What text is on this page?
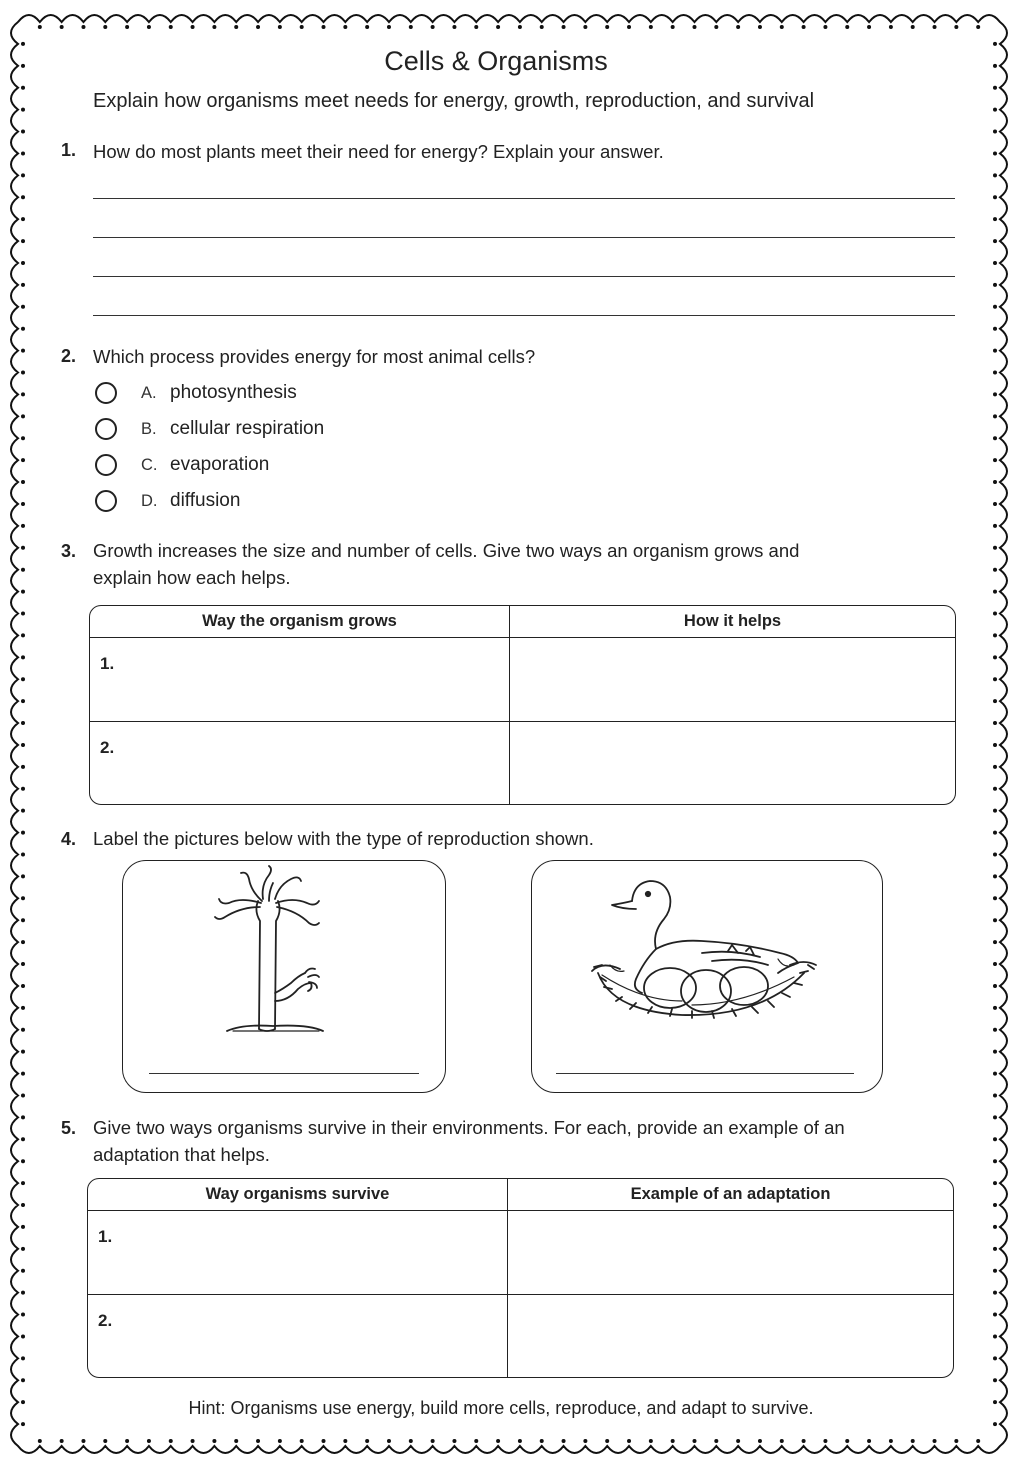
Cells & Organisms
Explain how organisms meet needs for energy, growth, reproduction, and survival
1. How do most plants meet their need for energy? Explain your answer.
2. Which process provides energy for most animal cells?
A. photosynthesis
B. cellular respiration
C. evaporation
D. diffusion
3. Growth increases the size and number of cells. Give two ways an organism grows and
explain how each helps.
Way the organism grows	How it helps
1.	
2.	
4. Label the pictures below with the type of reproduction shown.
5. Give two ways organisms survive in their environments. For each, provide an example of an
adaptation that helps.
Way organisms survive	Example of an adaptation
1.	
2.	
Hint: Organisms use energy, build more cells, reproduce, and adapt to survive.
